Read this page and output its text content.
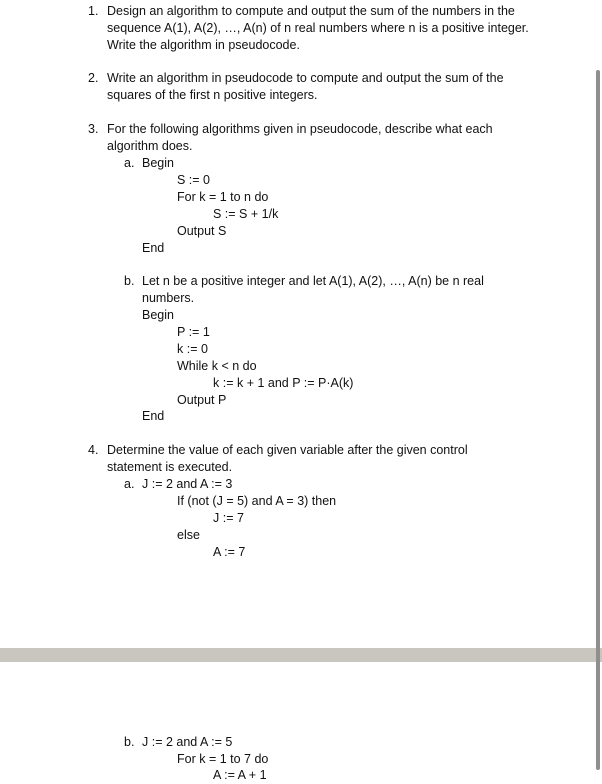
1. Design an algorithm to compute and output the sum of the numbers in the
sequence A(1), A(2), …, A(n) of n real numbers where n is a positive integer.
Write the algorithm in pseudocode.
2. Write an algorithm in pseudocode to compute and output the sum of the
squares of the first n positive integers.
3. For the following algorithms given in pseudocode, describe what each
algorithm does.
a. Begin
S := 0
For k = 1 to n do
S := S + 1/k
Output S
End
b. Let n be a positive integer and let A(1), A(2), …, A(n) be n real
numbers.
Begin
P := 1
k := 0
While k < n do
k := k + 1 and P := P·A(k)
Output P
End
4. Determine the value of each given variable after the given control
statement is executed.
a. J := 2 and A := 3
If (not (J = 5) and A = 3) then
J := 7
else
A := 7
b. J := 2 and A := 5
For k = 1 to 7 do
A := A + 1
